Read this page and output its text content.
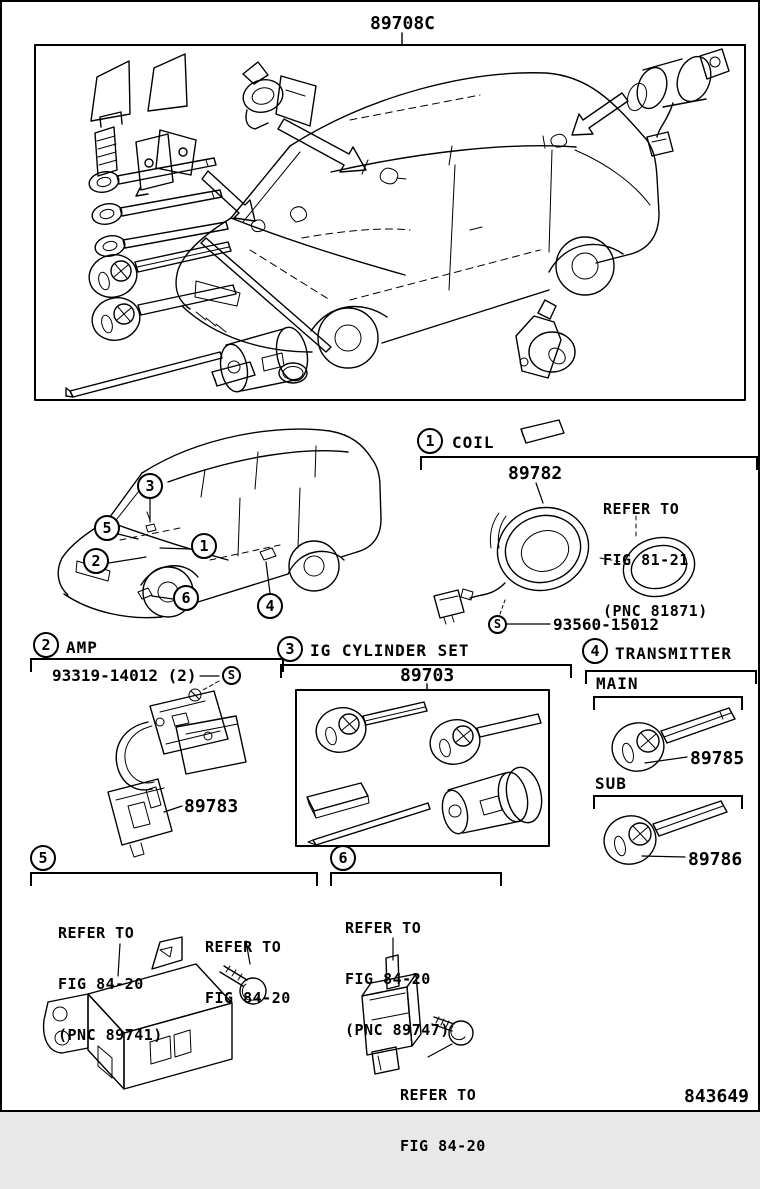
89708C
1
2
3
4
5
6
1	COIL
89782

REFER TO

FIG 81-21

(PNC 81871)

S	93560-15012
2 AMP
93319-14012 (2)	S
89783
3 IG CYLINDER SET
89703
4 TRANSMITTER
MAIN
89785
SUB
89786
5

REFER TO

FIG 84-20

(PNC 89741)

REFER TO

FIG 84-20

6

REFER TO

FIG 84-20

(PNC 89747)

REFER TO

FIG 84-20

843649
